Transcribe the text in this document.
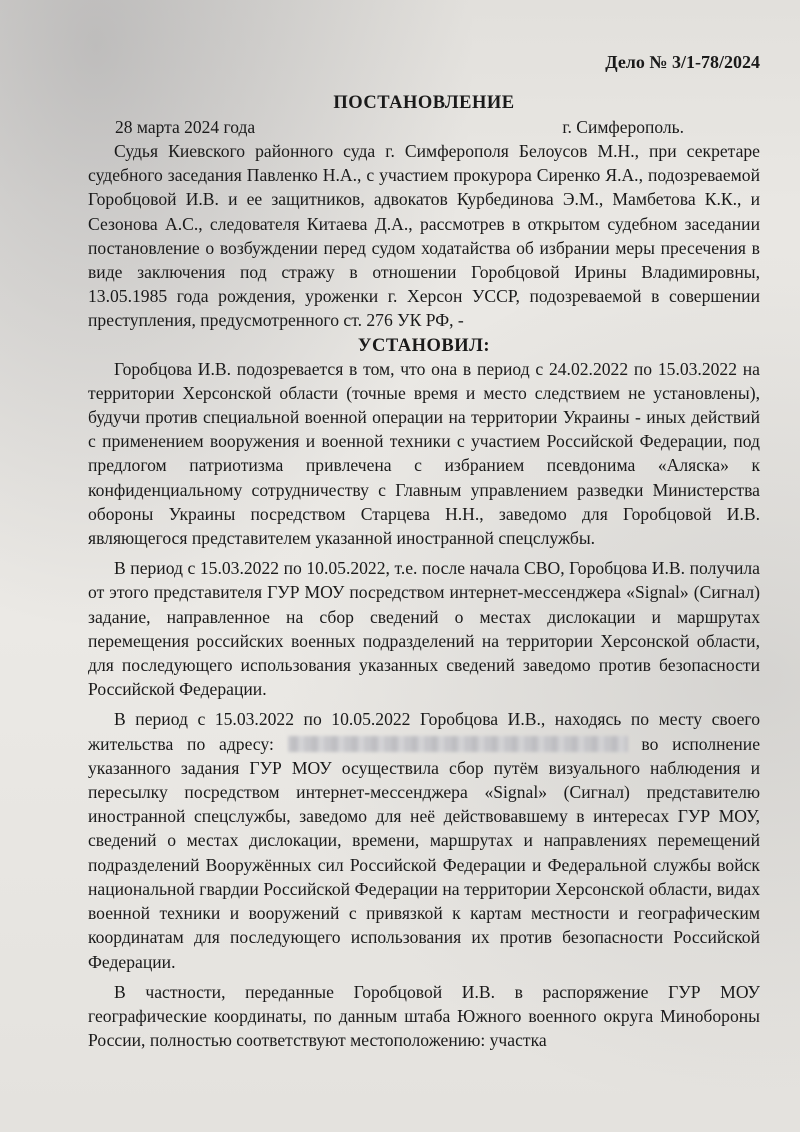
Дело № 3/1-78/2024

ПОСТАНОВЛЕНИЕ
28 марта 2024 года	г. Симферополь.

Судья Киевского районного суда г. Симферополя Белоусов М.Н., при секретаре судебного заседания Павленко Н.А., с участием прокурора Сиренко Я.А., подозреваемой Горобцовой И.В. и ее защитников, адвокатов Курбединова Э.М., Мамбетова К.К., и Сезонова А.С., следователя Китаева Д.А., рассмотрев в открытом судебном заседании постановление о возбуждении перед судом ходатайства об избрании меры пресечения в виде заключения под стражу в отношении Горобцовой Ирины Владимировны, 13.05.1985 года рождения, уроженки г. Херсон УССР, подозреваемой в совершении преступления, предусмотренного ст. 276 УК РФ, -

УСТАНОВИЛ:

Горобцова И.В. подозревается в том, что она в период с 24.02.2022 по 15.03.2022 на территории Херсонской области (точные время и место следствием не установлены), будучи против специальной военной операции на территории Украины - иных действий с применением вооружения и военной техники с участием Российской Федерации, под предлогом патриотизма привлечена с избранием псевдонима «Аляска» к конфиденциальному сотрудничеству с Главным управлением разведки Министерства обороны Украины посредством Старцева Н.Н., заведомо для Горобцовой И.В. являющегося представителем указанной иностранной спецслужбы.

В период с 15.03.2022 по 10.05.2022, т.е. после начала СВО, Горобцова И.В. получила от этого представителя ГУР МОУ посредством интернет-мессенджера «Signal» (Сигнал) задание, направленное на сбор сведений о местах дислокации и маршрутах перемещения российских военных подразделений на территории Херсонской области, для последующего использования указанных сведений заведомо против безопасности Российской Федерации.

В период с 15.03.2022 по 10.05.2022 Горобцова И.В., находясь по месту своего жительства по адресу:	во исполнение указанного задания ГУР МОУ осуществила сбор путём визуального наблюдения и пересылку посредством интернет-мессенджера «Signal» (Сигнал) представителю иностранной спецслужбы, заведомо для неё действовавшему в интересах ГУР МОУ, сведений о местах дислокации, времени, маршрутах и направлениях перемещений подразделений Вооружённых сил Российской Федерации и Федеральной службы войск национальной гвардии Российской Федерации на территории Херсонской области, видах военной техники и вооружений с привязкой к картам местности и географическим координатам для последующего использования их против безопасности Российской Федерации.

В частности, переданные Горобцовой И.В. в распоряжение ГУР МОУ географические координаты, по данным штаба Южного военного округа Минобороны России, полностью соответствуют местоположению: участка
